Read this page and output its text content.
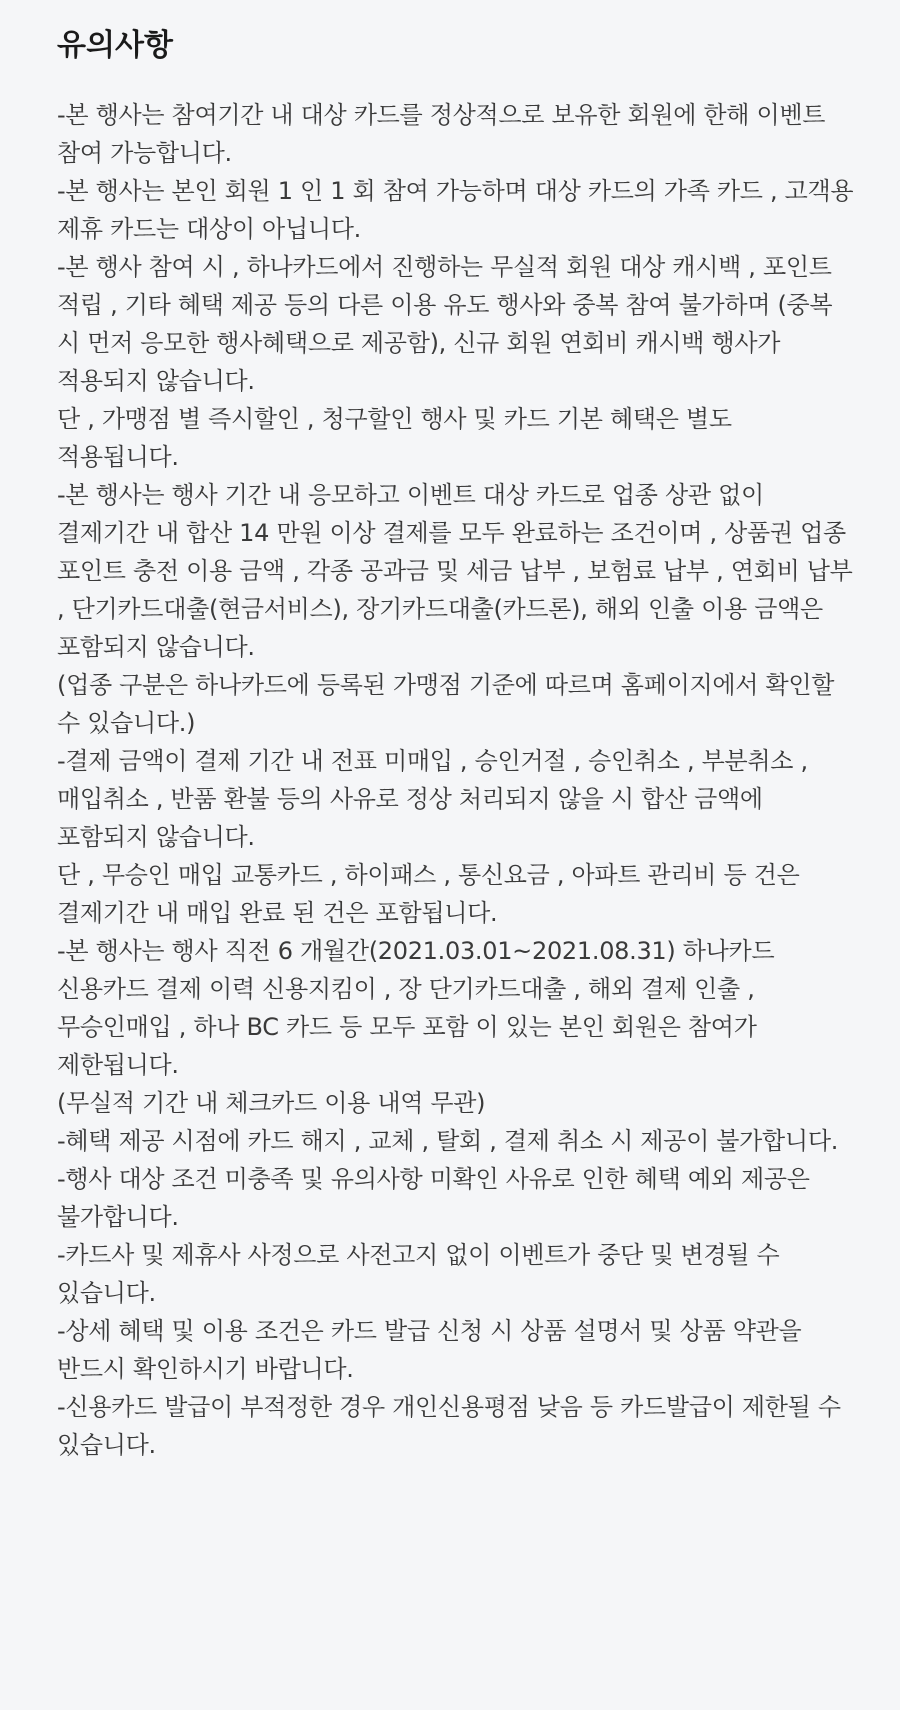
유의사항
-본 행사는 참여기간 내 대상 카드를 정상적으로 보유한 회원에 한해 이벤트 참여 가능합니다.
-본 행사는 본인 회원 1 인 1 회 참여 가능하며 대상 카드의 가족 카드 , 고객용 제휴 카드는 대상이 아닙니다.
-본 행사 참여 시 , 하나카드에서 진행하는 무실적 회원 대상 캐시백 , 포인트 적립 , 기타 혜택 제공 등의 다른 이용 유도 행사와 중복 참여 불가하며 (중복 시 먼저 응모한 행사혜택으로 제공함), 신규 회원 연회비 캐시백 행사가 적용되지 않습니다.
단 , 가맹점 별 즉시할인 , 청구할인 행사 및 카드 기본 혜택은 별도 적용됩니다.
-본 행사는 행사 기간 내 응모하고 이벤트 대상 카드로 업종 상관 없이 결제기간 내 합산 14 만원 이상 결제를 모두 완료하는 조건이며 , 상품권 업종 포인트 충전 이용 금액 , 각종 공과금 및 세금 납부 , 보험료 납부 , 연회비 납부 , 단기카드대출(현금서비스), 장기카드대출(카드론), 해외 인출 이용 금액은 포함되지 않습니다.
(업종 구분은 하나카드에 등록된 가맹점 기준에 따르며 홈페이지에서 확인할 수 있습니다.)
-결제 금액이 결제 기간 내 전표 미매입 , 승인거절 , 승인취소 , 부분취소 , 매입취소 , 반품 환불 등의 사유로 정상 처리되지 않을 시 합산 금액에 포함되지 않습니다.
단 , 무승인 매입 교통카드 , 하이패스 , 통신요금 , 아파트 관리비 등 건은 결제기간 내 매입 완료 된 건은 포함됩니다.
-본 행사는 행사 직전 6 개월간(2021.03.01~2021.08.31) 하나카드 신용카드 결제 이력 신용지킴이 , 장 단기카드대출 , 해외 결제 인출 , 무승인매입 , 하나 BC 카드 등 모두 포함 이 있는 본인 회원은 참여가 제한됩니다.
(무실적 기간 내 체크카드 이용 내역 무관)
-혜택 제공 시점에 카드 해지 , 교체 , 탈회 , 결제 취소 시 제공이 불가합니다.
-행사 대상 조건 미충족 및 유의사항 미확인 사유로 인한 혜택 예외 제공은 불가합니다.
-카드사 및 제휴사 사정으로 사전고지 없이 이벤트가 중단 및 변경될 수 있습니다.
-상세 혜택 및 이용 조건은 카드 발급 신청 시 상품 설명서 및 상품 약관을 반드시 확인하시기 바랍니다.
-신용카드 발급이 부적정한 경우 개인신용평점 낮음 등 카드발급이 제한될 수 있습니다.
